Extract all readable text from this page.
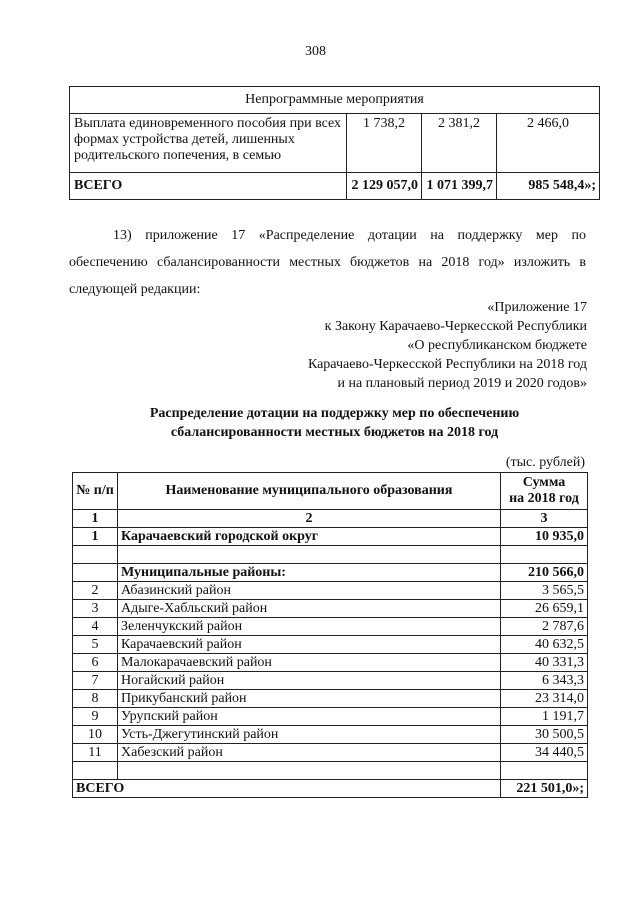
308
Непрограммные мероприятия			
Выплата единовременного пособия при всех формах устройства детей, лишенных родительского попечения, в семью	1 738,2	2 381,2	2 466,0
ВСЕГО	2 129 057,0	1 071 399,7	985 548,4»;

13) приложение 17 «Распределение дотации на поддержку мер по обеспечению сбалансированности местных бюджетов на 2018 год» изложить в следующей редакции:

«Приложение 17
к Закону Карачаево-Черкесской Республики
«О республиканском бюджете
Карачаево-Черкесской Республики на 2018 год
и на плановый период 2019 и 2020 годов»
Распределение дотации на поддержку мер по обеспечению
сбалансированности местных бюджетов на 2018 год
(тыс. рублей)
№ п/п	Наименование муниципального образования	Сумма
на 2018 год

1	2	3
1	Карачаевский городской округ	10 935,0

	Муниципальные районы:	210 566,0
2	Абазинский район	3 565,5
3	Адыге-Хабльский район	26 659,1
4	Зеленчукский район	2 787,6
5	Карачаевский район	40 632,5
6	Малокарачаевский район	40 331,3
7	Ногайский район	6 343,3
8	Прикубанский район	23 314,0
9	Урупский район	1 191,7
10	Усть-Джегутинский район	30 500,5
11	Хабезский район	34 440,5

ВСЕГО		221 501,0»;
